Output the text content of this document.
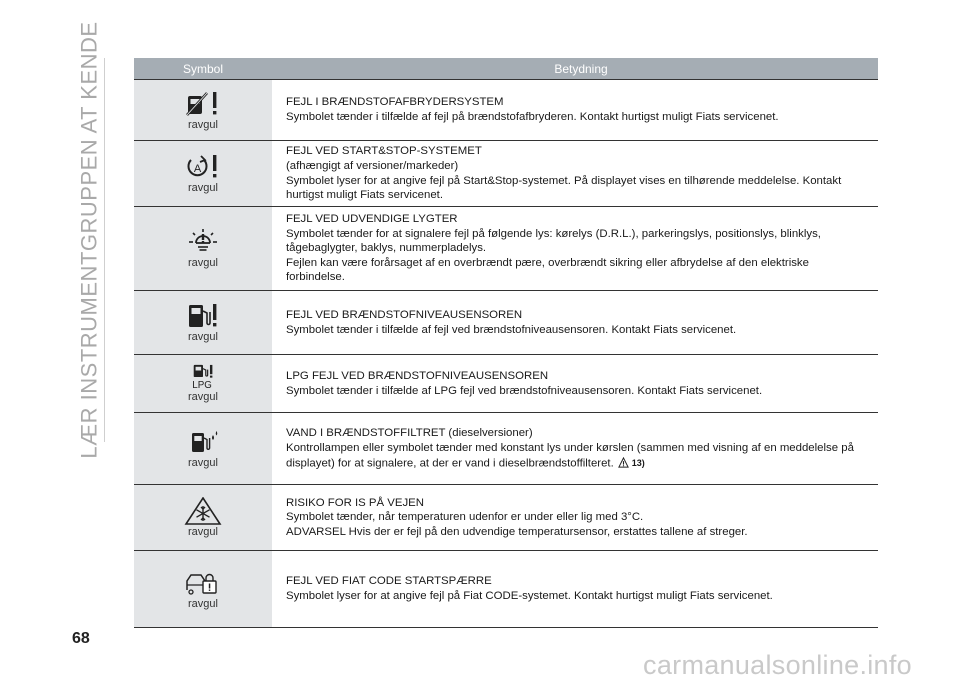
LÆR INSTRUMENTGRUPPEN AT KENDE	Symbol	Betydning
ravgul

FEJL I BRÆNDSTOFAFBRYDERSYSTEM

Symbolet tænder i tilfælde af fejl på brændstofafbryderen. Kontakt hurtigst muligt Fiats servicenet.

A
ravgul

FEJL VED START&STOP-SYSTEMET

(afhængigt af versioner/markeder)

Symbolet lyser for at angive fejl på Start&Stop-systemet. På displayet vises en tilhørende meddelelse. Kontakt hurtigst muligt Fiats servicenet.

ravgul

FEJL VED UDVENDIGE LYGTER

Symbolet tænder for at signalere fejl på følgende lys: kørelys (D.R.L.), parkeringslys, positionslys, blinklys, tågebaglygter, baklys, nummerpladelys.

Fejlen kan være forårsaget af en overbrændt pære, overbrændt sikring eller afbrydelse af den elektriske forbindelse.

ravgul

FEJL VED BRÆNDSTOFNIVEAUSENSOREN

Symbolet tænder i tilfælde af fejl ved brændstofniveausensoren. Kontakt Fiats servicenet.

LPG
ravgul

LPG FEJL VED BRÆNDSTOFNIVEAUSENSOREN

Symbolet tænder i tilfælde af LPG fejl ved brændstofniveausensoren. Kontakt Fiats servicenet.

ravgul

VAND I BRÆNDSTOFFILTRET (dieselversioner)

Kontrollampen eller symbolet tænder med konstant lys under kørslen (sammen med visning af en meddelelse på displayet) for at signalere, at der er vand i dieselbrændstoffilteret. 13)

ravgul

RISIKO FOR IS PÅ VEJEN

Symbolet tænder, når temperaturen udenfor er under eller lig med 3°C.

ADVARSEL Hvis der er fejl på den udvendige temperatursensor, erstattes tallene af streger.

ravgul

FEJL VED FIAT CODE STARTSPÆRRE

Symbolet lyser for at angive fejl på Fiat CODE-systemet. Kontakt hurtigst muligt Fiats servicenet.

68
carmanualsonline.info
